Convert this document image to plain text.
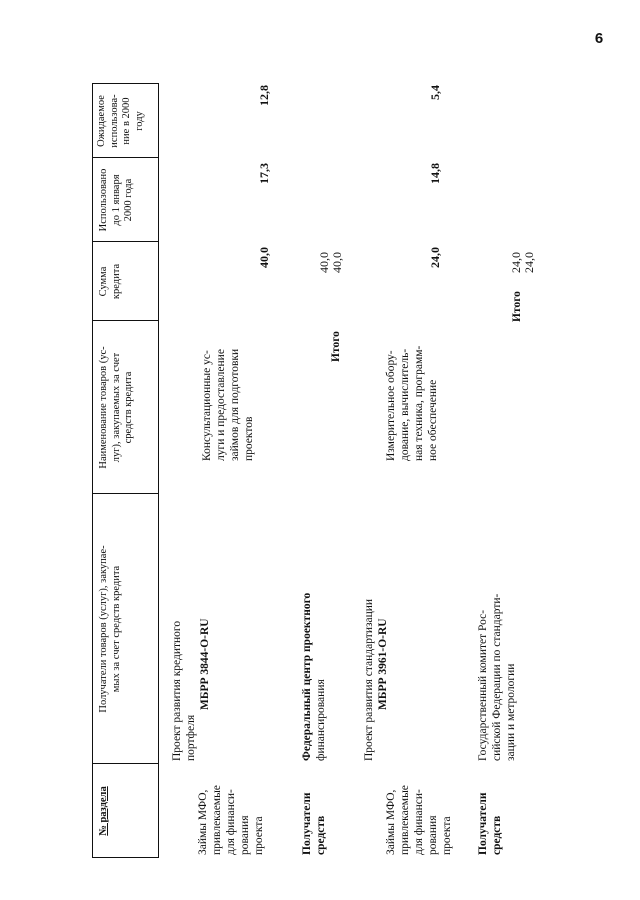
6
№ раздела
Получатели товаров (услуг), закупае- мых за счет средств кредита
Наименование товаров (ус- луг), закупаемых за счет средств кредита
Сумма кредита
Использовано до 1 января 2000 года
Ожидаемое использова- ние в 2000 году
Займы МФО, привлекаемые для финанси- рования проекта
Проект развития кредитного портфеля
МБРР 3844-О-RU
Консультационные ус- луги и предоставление займов для подготовки проектов
40,0
17,3
12,8
Получатели средств
Федеральный центр проектного финансирования
Итого
40,0 40,0
Займы МФО, привлекаемые для финанси- рования проекта
Проект развития стандартизации МБРР 3961-О-RU
Измерительное обору- дование, вычислитель- ная техника, программ- ное обеспечение
24,0
14,8
5,4
Получатели средств
Государственный комитет Рос- сийской Федерации по стандарти- зации и метрологии
Итого
24,0 24,0
